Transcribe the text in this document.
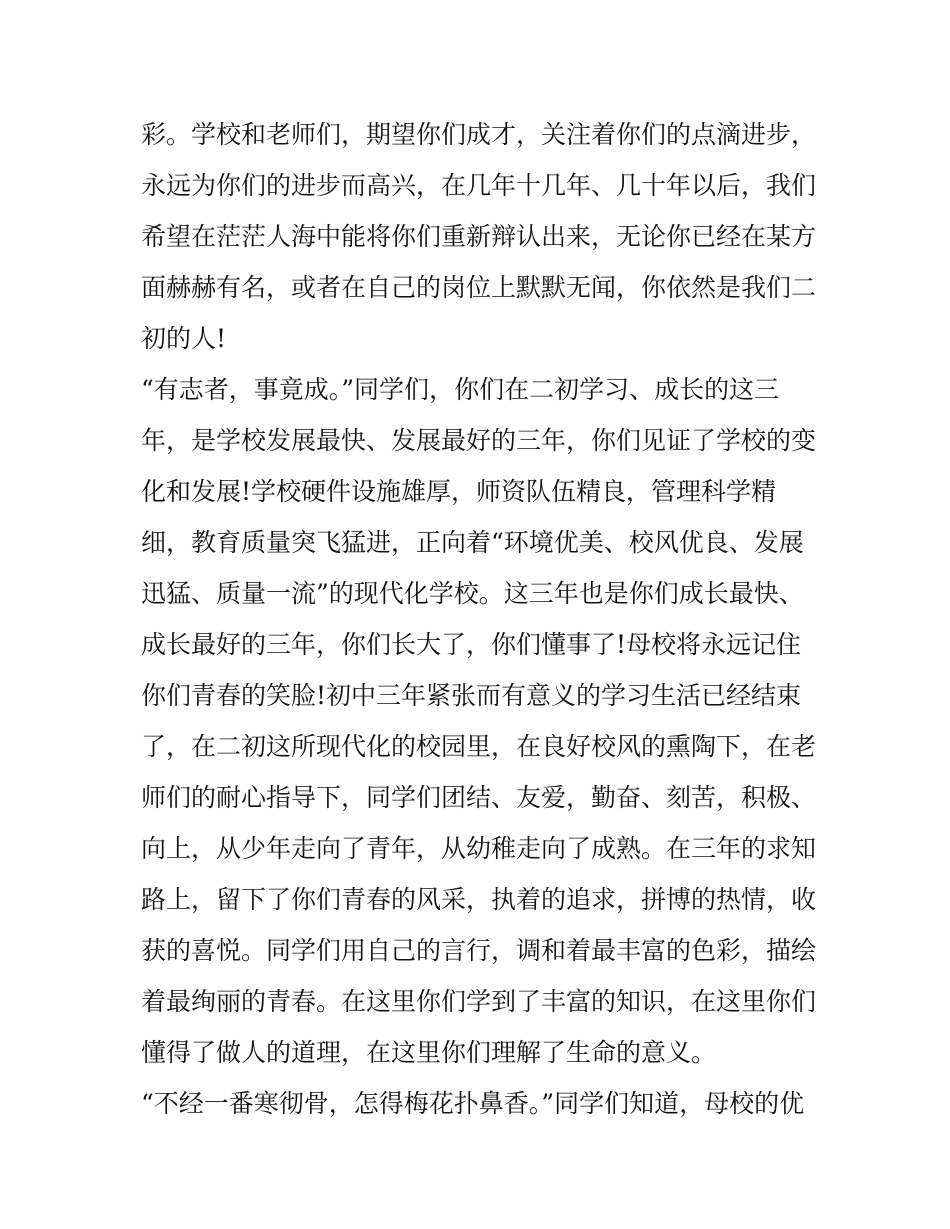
彩。学校和老师们，期望你们成才，关注着你们的点滴进步，

永远为你们的进步而高兴，在几年十几年、几十年以后，我们

希望在茫茫人海中能将你们重新辩认出来，无论你已经在某方

面赫赫有名，或者在自己的岗位上默默无闻，你依然是我们二

初的人!

“有志者，事竟成。”同学们，你们在二初学习、成长的这三

年，是学校发展最快、发展最好的三年，你们见证了学校的变

化和发展!学校硬件设施雄厚，师资队伍精良，管理科学精

细，教育质量突飞猛进，正向着“环境优美、校风优良、发展

迅猛、质量一流”的现代化学校。这三年也是你们成长最快、

成长最好的三年，你们长大了，你们懂事了!母校将永远记住

你们青春的笑脸!初中三年紧张而有意义的学习生活已经结束

了，在二初这所现代化的校园里，在良好校风的熏陶下，在老

师们的耐心指导下，同学们团结、友爱，勤奋、刻苦，积极、

向上，从少年走向了青年，从幼稚走向了成熟。在三年的求知

路上，留下了你们青春的风采，执着的追求，拼博的热情，收

获的喜悦。同学们用自己的言行，调和着最丰富的色彩，描绘

着最绚丽的青春。在这里你们学到了丰富的知识，在这里你们

懂得了做人的道理，在这里你们理解了生命的意义。

“不经一番寒彻骨，怎得梅花扑鼻香。”同学们知道，母校的优
